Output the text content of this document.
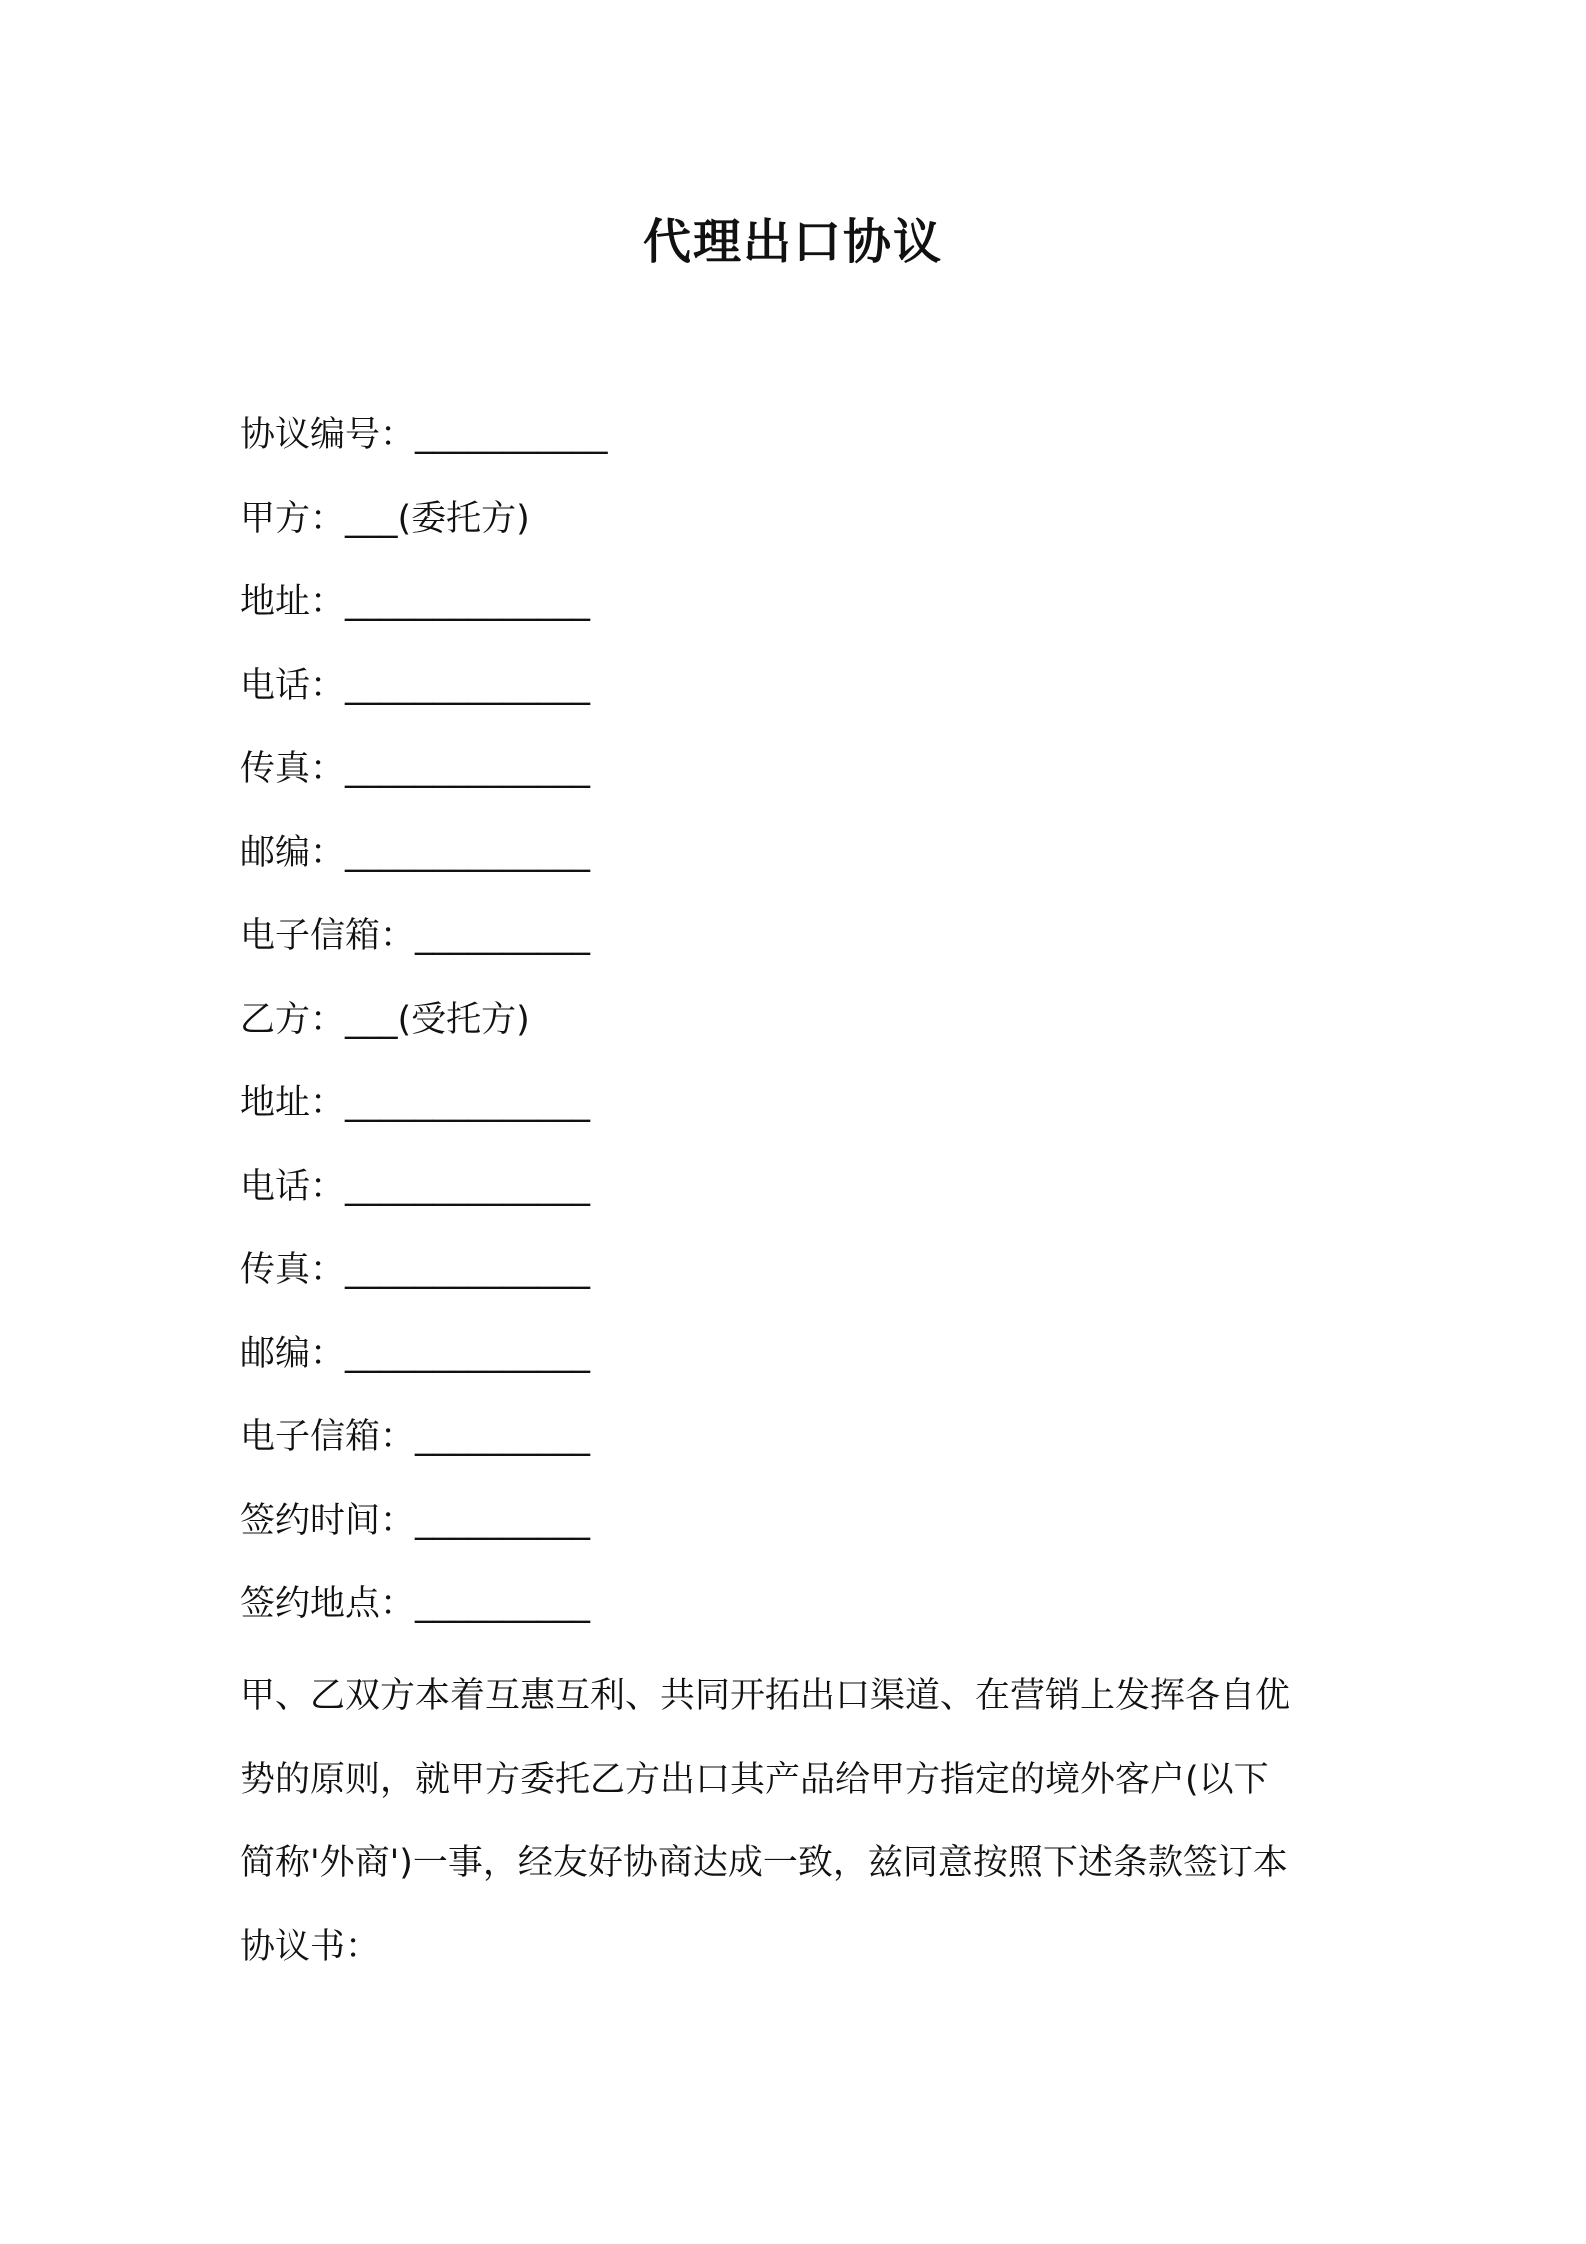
代理出口协议
协议编号：___________
甲方：___(委托方)
地址：______________
电话：______________
传真：______________
邮编：______________
电子信箱：__________
乙方：___(受托方)
地址：______________
电话：______________
传真：______________
邮编：______________
电子信箱：__________
签约时间：__________
签约地点：__________
甲、乙双方本着互惠互利、共同开拓出口渠道、在营销上发挥各自优
势的原则，就甲方委托乙方出口其产品给甲方指定的境外客户(以下
简称'外商')一事，经友好协商达成一致，兹同意按照下述条款签订本
协议书：
